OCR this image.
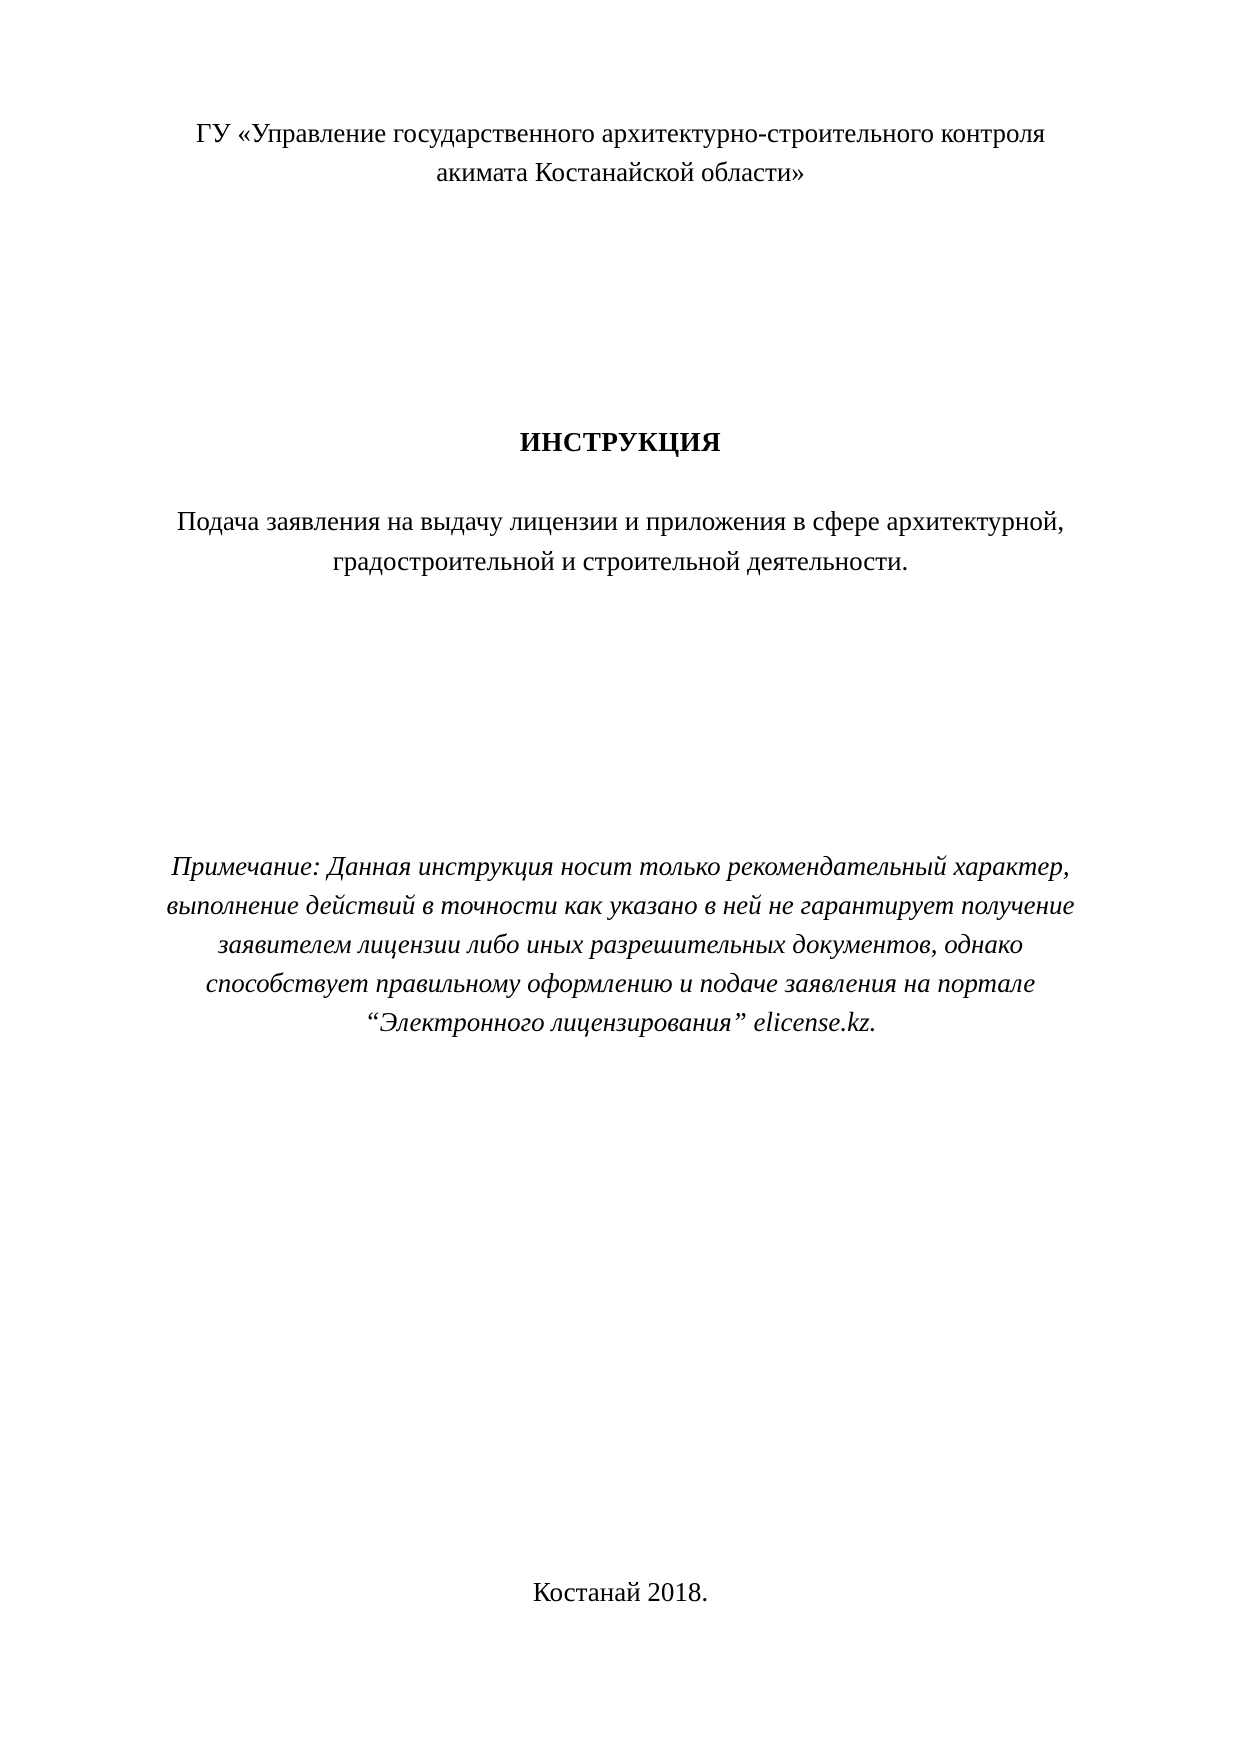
ГУ «Управление государственного архитектурно-строительного контроля
акимата Костанайской области»
ИНСТРУКЦИЯ
Подача заявления на выдачу лицензии и приложения в сфере архитектурной,
градостроительной и строительной деятельности.
Примечание: Данная инструкция носит только рекомендательный характер,
выполнение действий в точности как указано в ней не гарантирует получение
заявителем лицензии либо иных разрешительных документов, однако
способствует правильному оформлению и подаче заявления на портале
“Электронного лицензирования” elicense.kz.
Костанай 2018.
